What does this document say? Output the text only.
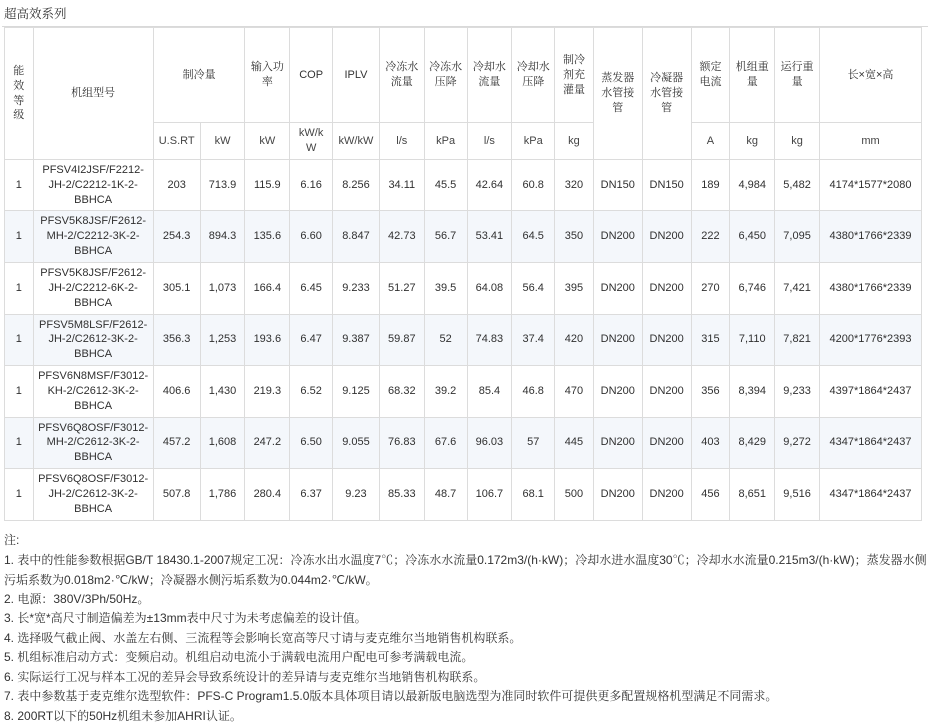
超高效系列
能效等级	机组型号	制冷量		输入功率	COP	IPLV	冷冻水流量	冷冻水压降	冷却水流量	冷却水压降	制冷剂充灌量	蒸发器水管接管	冷凝器水管接管	额定电流	机组重量	运行重量	长×宽×高
		U.S.RT	kW	kW	kW/kW	kW/kW	l/s	kPa	l/s	kPa	kg			A	kg	kg	mm
1	PFSV4I2JSF/F2212-JH-2/C2212-1K-2-BBHCA	203	713.9	115.9	6.16	8.256	34.11	45.5	42.64	60.8	320	DN150	DN150	189	4,984	5,482	4174*1577*2080
1	PFSV5K8JSF/F2612-MH-2/C2212-3K-2-BBHCA	254.3	894.3	135.6	6.60	8.847	42.73	56.7	53.41	64.5	350	DN200	DN200	222	6,450	7,095	4380*1766*2339
1	PFSV5K8JSF/F2612-JH-2/C2212-6K-2-BBHCA	305.1	1,073	166.4	6.45	9.233	51.27	39.5	64.08	56.4	395	DN200	DN200	270	6,746	7,421	4380*1766*2339
1	PFSV5M8LSF/F2612-JH-2/C2612-3K-2-BBHCA	356.3	1,253	193.6	6.47	9.387	59.87	52	74.83	37.4	420	DN200	DN200	315	7,110	7,821	4200*1776*2393
1	PFSV6N8MSF/F3012-KH-2/C2612-3K-2-BBHCA	406.6	1,430	219.3	6.52	9.125	68.32	39.2	85.4	46.8	470	DN200	DN200	356	8,394	9,233	4397*1864*2437
1	PFSV6Q8OSF/F3012-MH-2/C2612-3K-2-BBHCA	457.2	1,608	247.2	6.50	9.055	76.83	67.6	96.03	57	445	DN200	DN200	403	8,429	9,272	4347*1864*2437
1	PFSV6Q8OSF/F3012-JH-2/C2612-3K-2-BBHCA	507.8	1,786	280.4	6.37	9.23	85.33	48.7	106.7	68.1	500	DN200	DN200	456	8,651	9,516	4347*1864*2437
注:
1. 表中的性能参数根据GB/T 18430.1-2007规定工况：冷冻水出水温度7℃；冷冻水水流量0.172m3/(h·kW)；冷却水进水温度30℃；冷却水水流量0.215m3/(h·kW)；蒸发器水侧污垢系数为0.018m2·℃/kW；冷凝器水侧污垢系数为0.044m2·℃/kW。
2. 电源：380V/3Ph/50Hz。
3. 长*宽*高尺寸制造偏差为±13mm表中尺寸为未考虑偏差的设计值。
4. 选择吸气截止阀、水盖左右侧、三流程等会影响长宽高等尺寸请与麦克维尔当地销售机构联系。
5. 机组标准启动方式：变频启动。机组启动电流小于满载电流用户配电可参考满载电流。
6. 实际运行工况与样本工况的差异会导致系统设计的差异请与麦克维尔当地销售机构联系。
7. 表中参数基于麦克维尔选型软件：PFS-C Program1.5.0版本具体项目请以最新版电脑选型为准同时软件可提供更多配置规格机型满足不同需求。
8. 200RT以下的50Hz机组未参加AHRI认证。
